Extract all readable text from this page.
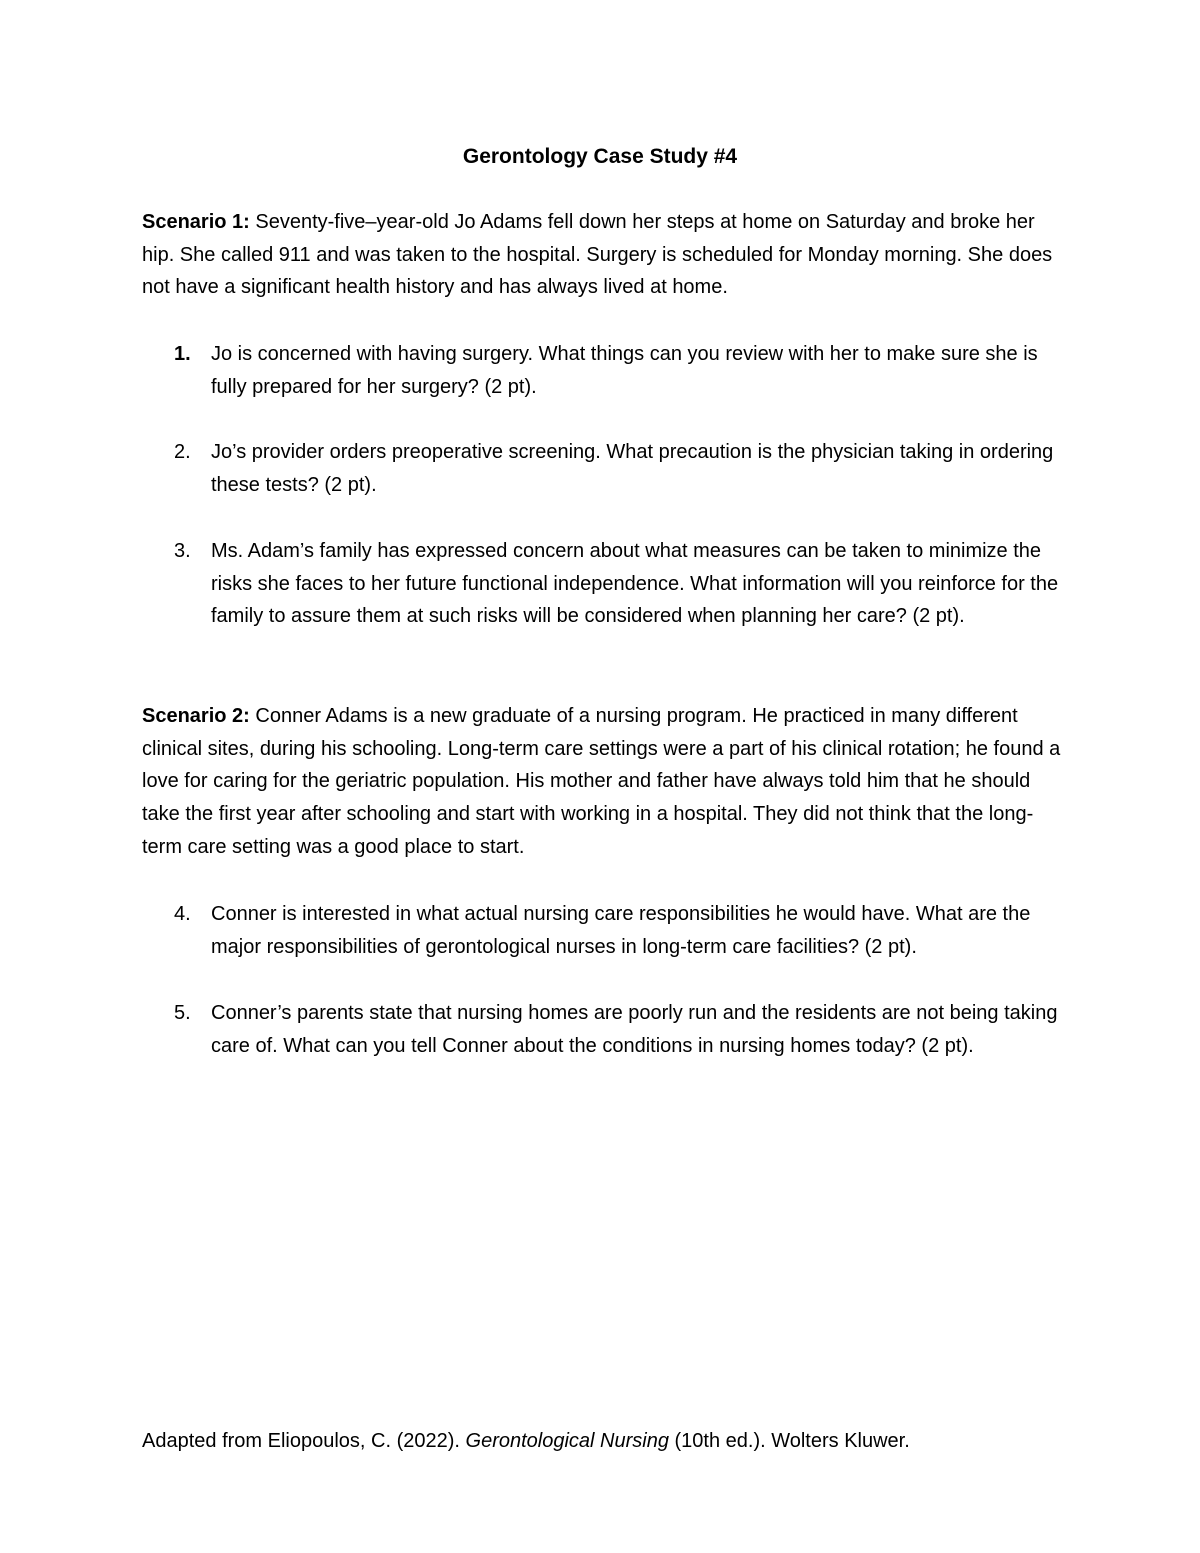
Gerontology Case Study #4
Scenario 1: Seventy-five–year-old Jo Adams fell down her steps at home on Saturday and broke her hip. She called 911 and was taken to the hospital. Surgery is scheduled for Monday morning. She does not have a significant health history and has always lived at home.
1.	Jo is concerned with having surgery. What things can you review with her to make sure she is fully prepared for her surgery? (2 pt).
2.	Jo’s provider orders preoperative screening. What precaution is the physician taking in ordering these tests? (2 pt).
3.	Ms. Adam’s family has expressed concern about what measures can be taken to minimize the risks she faces to her future functional independence. What information will you reinforce for the family to assure them at such risks will be considered when planning her care? (2 pt).
Scenario 2: Conner Adams is a new graduate of a nursing program. He practiced in many different clinical sites, during his schooling. Long-term care settings were a part of his clinical rotation; he found a love for caring for the geriatric population. His mother and father have always told him that he should take the first year after schooling and start with working in a hospital. They did not think that the long-term care setting was a good place to start.
4.	Conner is interested in what actual nursing care responsibilities he would have. What are the major responsibilities of gerontological nurses in long-term care facilities? (2 pt).
5.	Conner’s parents state that nursing homes are poorly run and the residents are not being taking care of. What can you tell Conner about the conditions in nursing homes today? (2 pt).
Adapted from Eliopoulos, C. (2022). Gerontological Nursing (10th ed.). Wolters Kluwer.
